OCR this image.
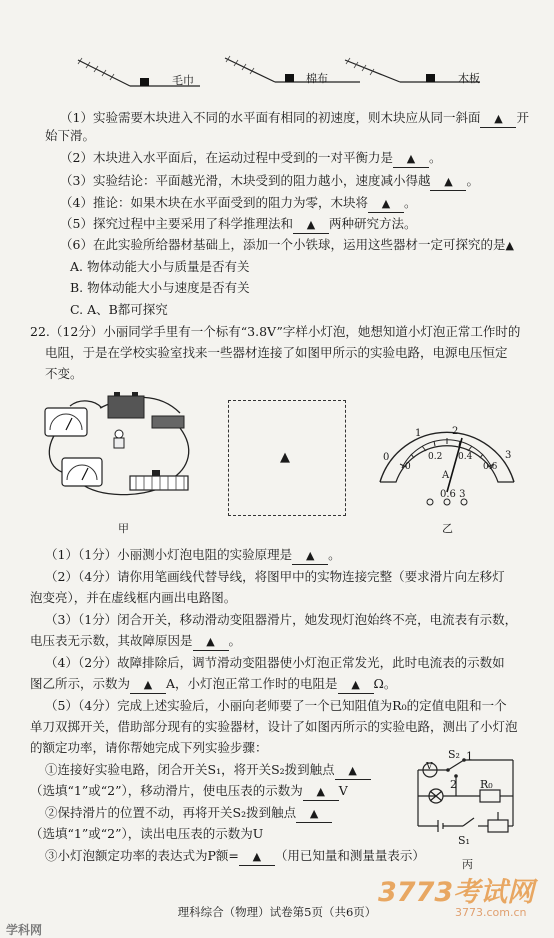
毛巾	棉布	木板
（1）实验需要木块进入不同的水平面有相同的初速度，则木块应从同一斜面 ▲ 开
始下滑。
（2）木块进入水平面后，在运动过程中受到的一对平衡力是 ▲ 。
（3）实验结论：平面越光滑，木块受到的阻力越小，速度减小得越 ▲ 。
（4）推论：如果木块在水平面受到的阻力为零，木块将 ▲ 。
（5）探究过程中主要采用了科学推理法和 ▲ 两种研究方法。
（6）在此实验所给器材基础上，添加一个小铁球，运用这些器材一定可探究的是▲
A. 物体动能大小与质量是否有关
B. 物体动能大小与速度是否有关
C. A、B都可探究
22.（12分）小丽同学手里有一个标有“3.8V”字样小灯泡，她想知道小灯泡正常工作时的
电阻，于是在学校实验室找来一些器材连接了如图甲所示的实验电路，电源电压恒定
不变。
甲
▲	0
1	2
3
0
0.2 0.4
0.6
A
0.6 3
乙
（1）（1分）小丽测小灯泡电阻的实验原理是 ▲ 。
（2）（4分）请你用笔画线代替导线，将图甲中的实物连接完整（要求滑片向左移灯
泡变亮），并在虚线框内画出电路图。
（3）（1分）闭合开关，移动滑动变阻器滑片，她发现灯泡始终不亮，电流表有示数，
电压表无示数，其故障原因是 ▲ 。
（4）（2分）故障排除后，调节滑动变阻器使小灯泡正常发光，此时电流表的示数如
图乙所示，示数为 ▲ A，小灯泡正常工作时的电阻是 ▲ Ω。
（5）（4分）完成上述实验后，小丽向老师要了一个已知阻值为R₀的定值电阻和一个
单刀双掷开关，借助部分现有的实验器材，设计了如图丙所示的实验电路，测出了小灯泡
的额定功率，请你帮她完成下列实验步骤：
①连接好实验电路，闭合开关S₁，将开关S₂拨到触点 ▲
（选填“1”或“2”），移动滑片，使电压表的示数为 ▲ V
②保持滑片的位置不动，再将开关S₂拨到触点 ▲
（选填“1”或“2”），读出电压表的示数为U
③小灯泡额定功率的表达式为P额= ▲ （用已知量和测量量表示）
V
S₂ 1
2 R₀
S₁
丙
3773考试网
3773.com.cn
理科综合（物理）试卷第5页（共6页）
学科网
